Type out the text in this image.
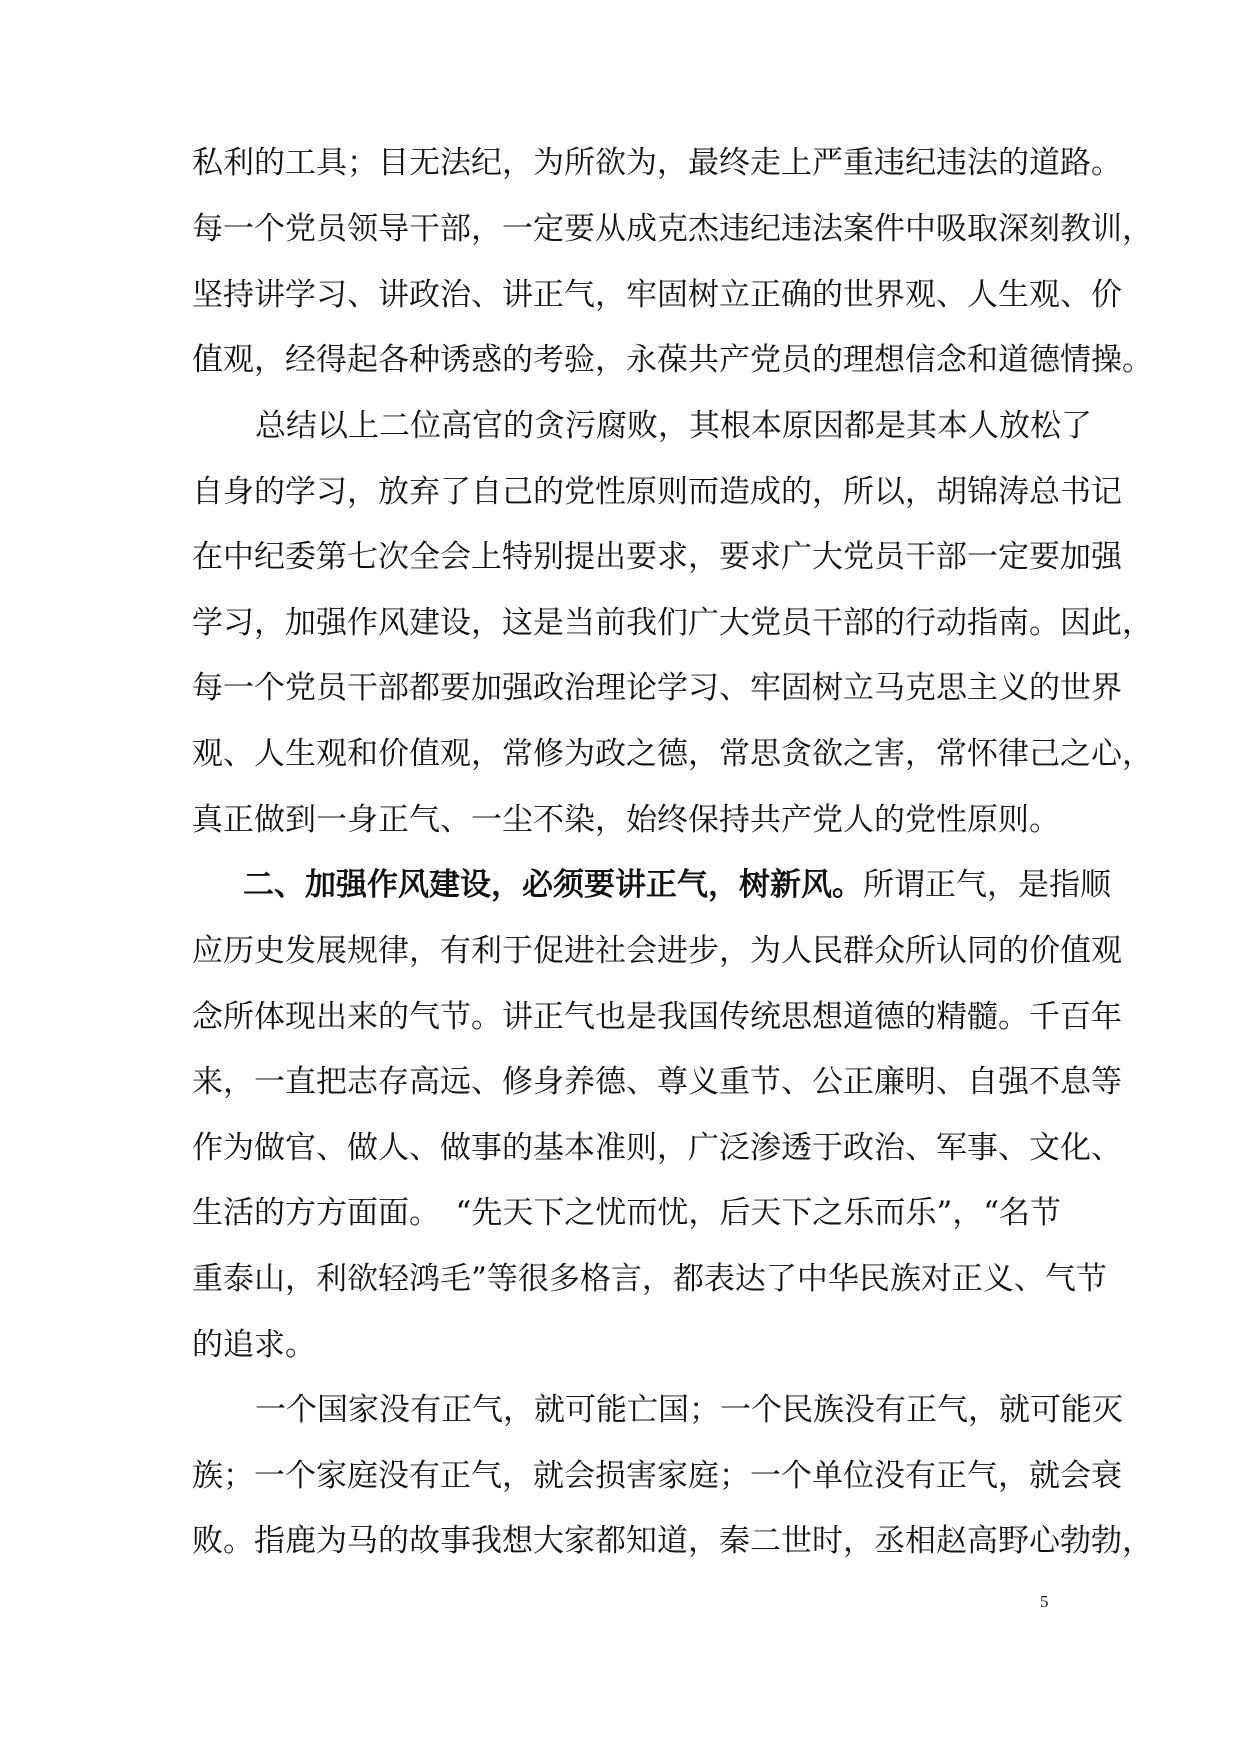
私利的工具；目无法纪，为所欲为，最终走上严重违纪违法的道路。
每一个党员领导干部，一定要从成克杰违纪违法案件中吸取深刻教训，
坚持讲学习、讲政治、讲正气，牢固树立正确的世界观、人生观、价
值观，经得起各种诱惑的考验，永葆共产党员的理想信念和道德情操。
　总结以上二位高官的贪污腐败，其根本原因都是其本人放松了
自身的学习，放弃了自己的党性原则而造成的，所以，胡锦涛总书记
在中纪委第七次全会上特别提出要求，要求广大党员干部一定要加强
学习，加强作风建设，这是当前我们广大党员干部的行动指南。因此，
每一个党员干部都要加强政治理论学习、牢固树立马克思主义的世界
观、人生观和价值观，常修为政之德，常思贪欲之害，常怀律己之心，
真正做到一身正气、一尘不染，始终保持共产党人的党性原则。
二、加强作风建设，必须要讲正气，树新风。所谓正气，是指顺
应历史发展规律，有利于促进社会进步，为人民群众所认同的价值观
念所体现出来的气节。讲正气也是我国传统思想道德的精髓。千百年
来，一直把志存高远、修身养德、尊义重节、公正廉明、自强不息等
作为做官、做人、做事的基本准则，广泛渗透于政治、军事、文化、
生活的方方面面。　“先天下之忧而忧，后天下之乐而乐”，“名节
重泰山，利欲轻鸿毛”等很多格言，都表达了中华民族对正义、气节
的追求。
　一个国家没有正气，就可能亡国；一个民族没有正气，就可能灭
族；一个家庭没有正气，就会损害家庭；一个单位没有正气，就会衰
败。指鹿为马的故事我想大家都知道，秦二世时，丞相赵高野心勃勃，
5
